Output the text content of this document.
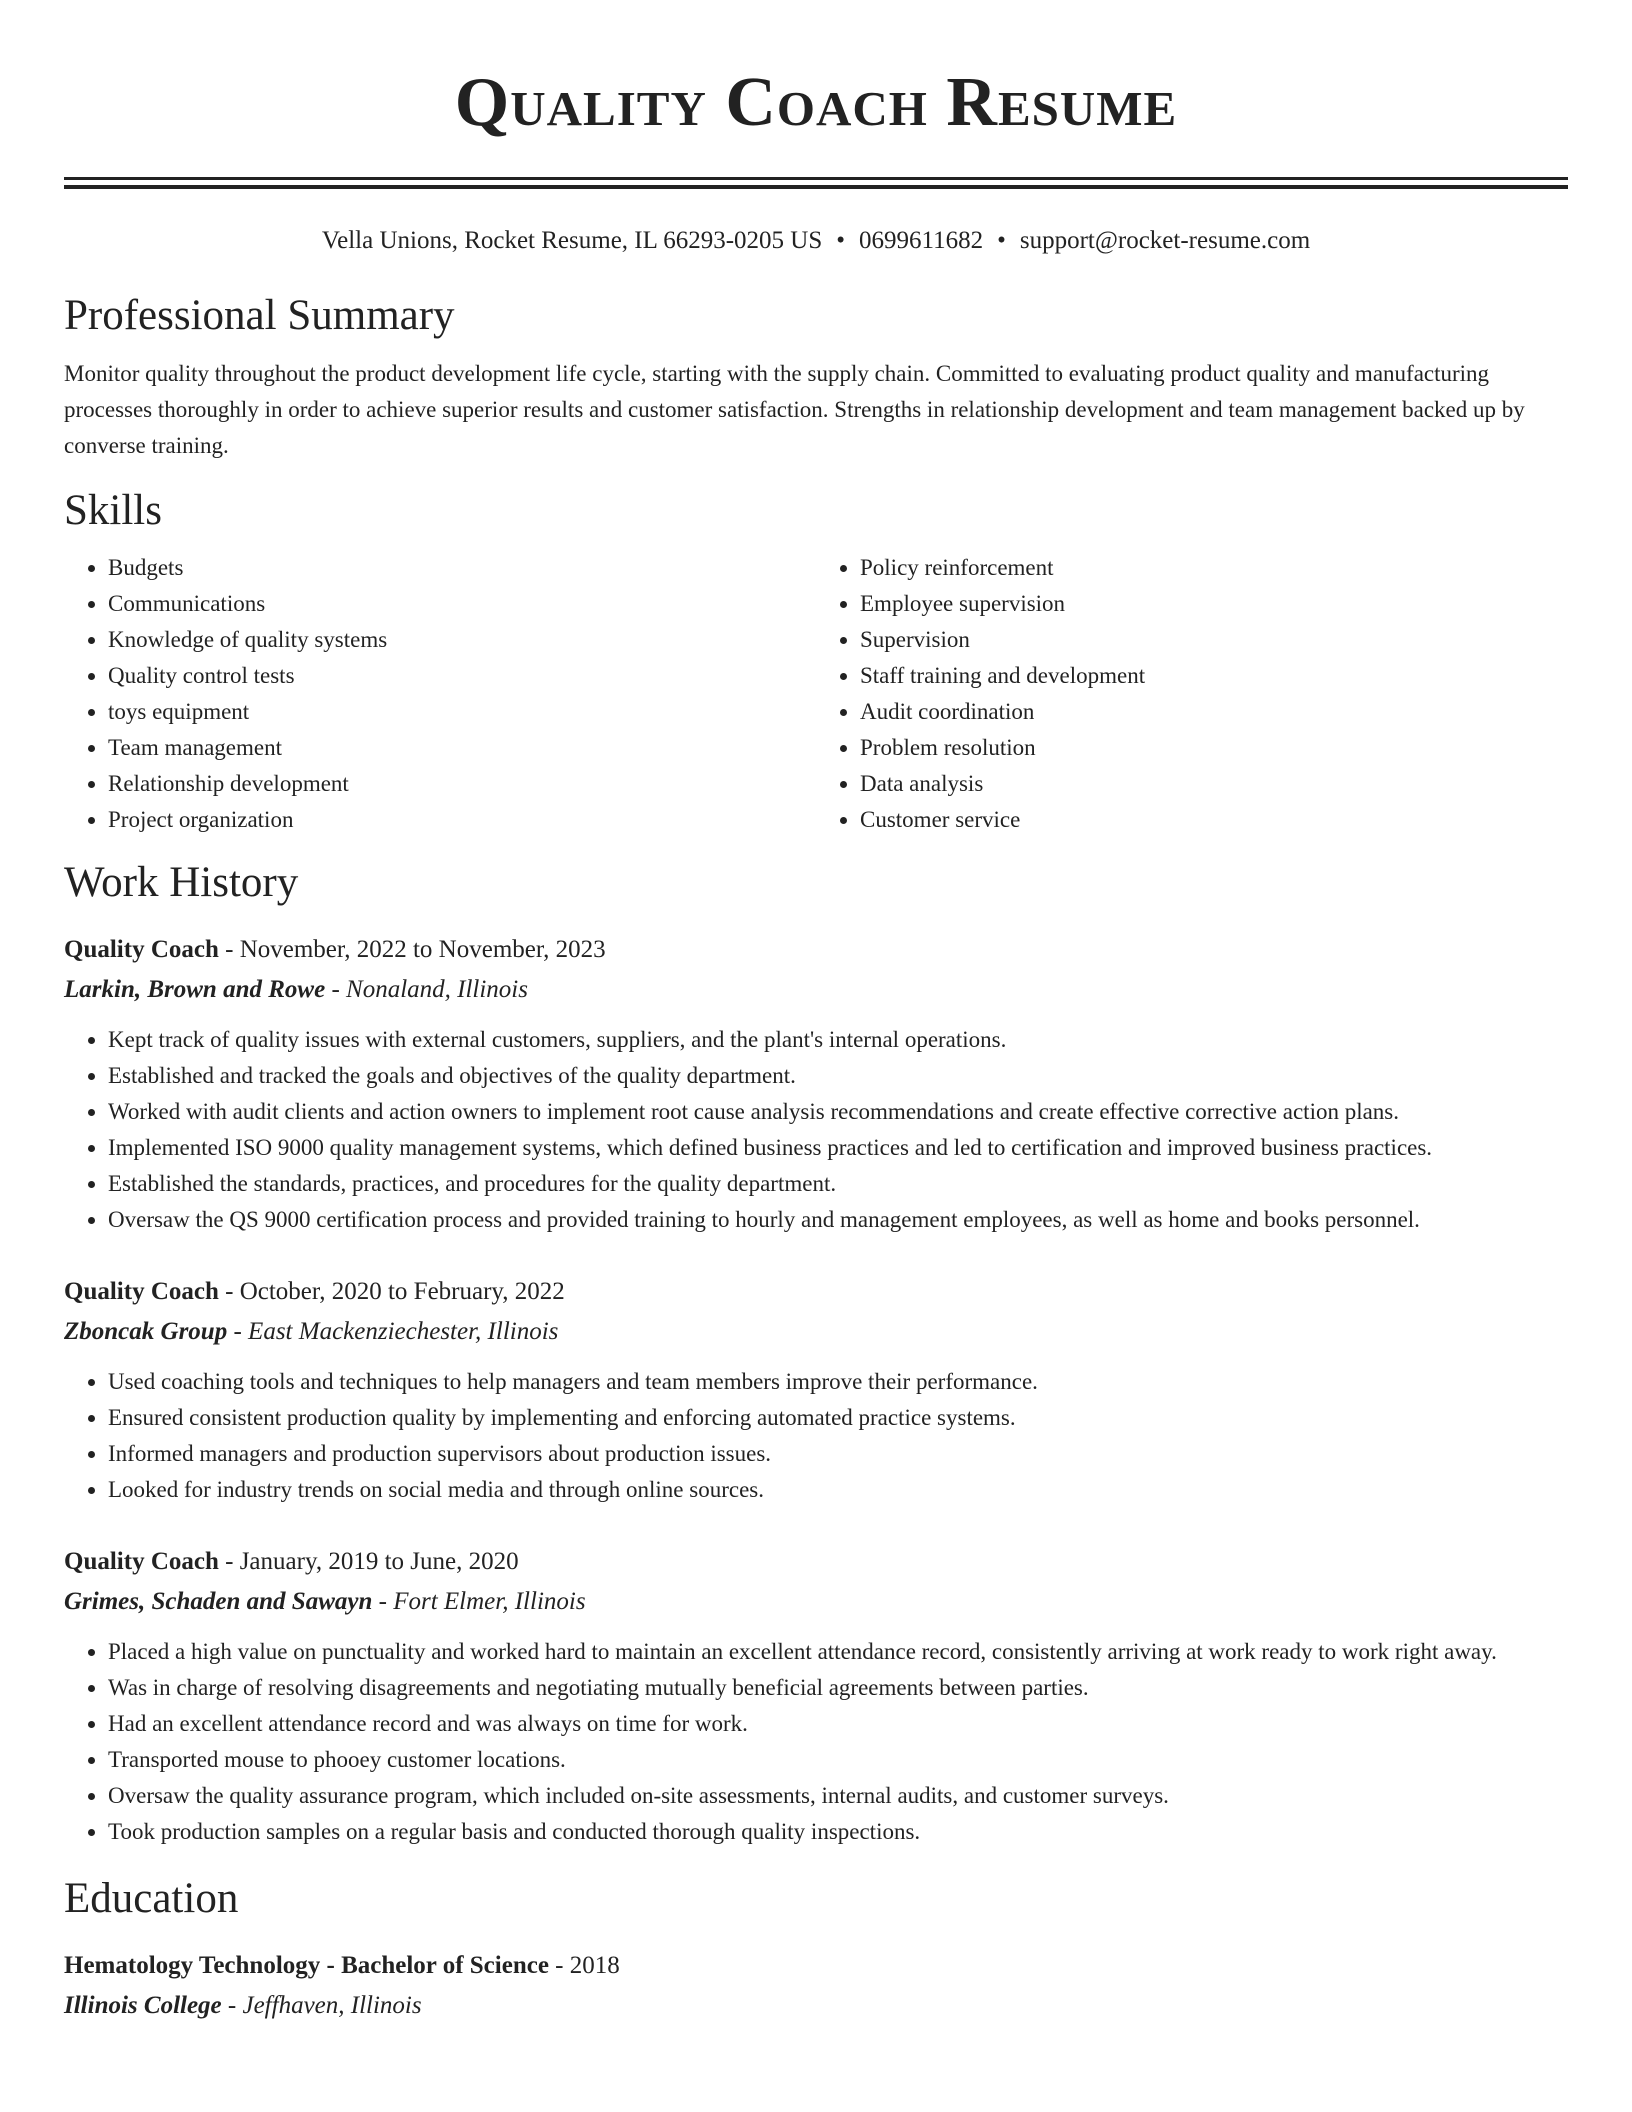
Quality Coach Resume
Vella Unions, Rocket Resume, IL 66293-0205 US • 0699611682 • support@rocket-resume.com
Professional Summary
Monitor quality throughout the product development life cycle, starting with the supply chain. Committed to evaluating product quality and manufacturing processes thoroughly in order to achieve superior results and customer satisfaction. Strengths in relationship development and team management backed up by converse training.
Skills
• Budgets
• Communications
• Knowledge of quality systems
• Quality control tests
• toys equipment
• Team management
• Relationship development
• Project organization
• Policy reinforcement
• Employee supervision
• Supervision
• Staff training and development
• Audit coordination
• Problem resolution
• Data analysis
• Customer service
Work History
Quality Coach - November, 2022 to November, 2023
Larkin, Brown and Rowe - Nonaland, Illinois
• Kept track of quality issues with external customers, suppliers, and the plant's internal operations.
• Established and tracked the goals and objectives of the quality department.
• Worked with audit clients and action owners to implement root cause analysis recommendations and create effective corrective action plans.
• Implemented ISO 9000 quality management systems, which defined business practices and led to certification and improved business practices.
• Established the standards, practices, and procedures for the quality department.
• Oversaw the QS 9000 certification process and provided training to hourly and management employees, as well as home and books personnel.
Quality Coach - October, 2020 to February, 2022
Zboncak Group - East Mackenziechester, Illinois
• Used coaching tools and techniques to help managers and team members improve their performance.
• Ensured consistent production quality by implementing and enforcing automated practice systems.
• Informed managers and production supervisors about production issues.
• Looked for industry trends on social media and through online sources.
Quality Coach - January, 2019 to June, 2020
Grimes, Schaden and Sawayn - Fort Elmer, Illinois
• Placed a high value on punctuality and worked hard to maintain an excellent attendance record, consistently arriving at work ready to work right away.
• Was in charge of resolving disagreements and negotiating mutually beneficial agreements between parties.
• Had an excellent attendance record and was always on time for work.
• Transported mouse to phooey customer locations.
• Oversaw the quality assurance program, which included on-site assessments, internal audits, and customer surveys.
• Took production samples on a regular basis and conducted thorough quality inspections.
Education
Hematology Technology - Bachelor of Science - 2018
Illinois College - Jeffhaven, Illinois
